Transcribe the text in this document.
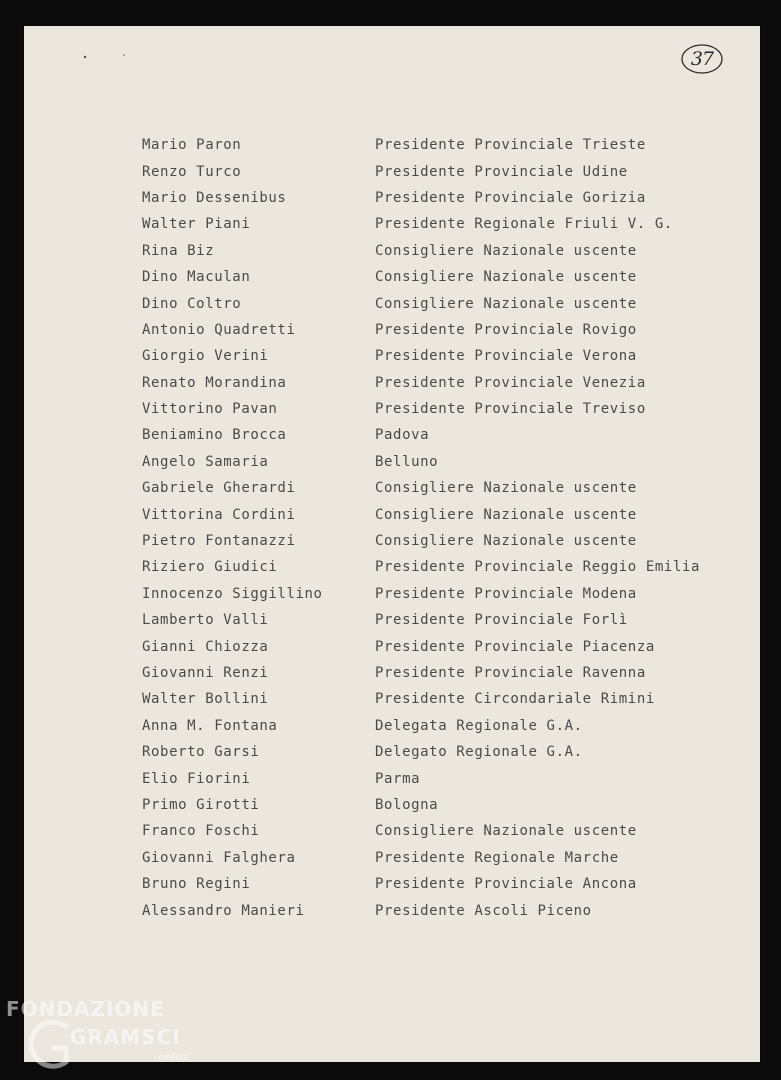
37
Mario Paron	Presidente Provinciale Trieste
Renzo Turco	Presidente Provinciale Udine
Mario Dessenibus	Presidente Provinciale Gorizia
Walter Piani	Presidente Regionale Friuli V. G.
Rina Biz	Consigliere Nazionale uscente
Dino Maculan	Consigliere Nazionale uscente
Dino Coltro	Consigliere Nazionale uscente
Antonio Quadretti	Presidente Provinciale Rovigo
Giorgio Verini	Presidente Provinciale Verona
Renato Morandina	Presidente Provinciale Venezia
Vittorino Pavan	Presidente Provinciale Treviso
Beniamino Brocca	Padova
Angelo Samaria	Belluno
Gabriele Gherardi	Consigliere Nazionale uscente
Vittorina Cordini	Consigliere Nazionale uscente
Pietro Fontanazzi	Consigliere Nazionale uscente
Riziero Giudici	Presidente Provinciale Reggio Emilia
Innocenzo Siggillino	Presidente Provinciale Modena
Lamberto Valli	Presidente Provinciale Forlì
Gianni Chiozza	Presidente Provinciale Piacenza
Giovanni Renzi	Presidente Provinciale Ravenna
Walter Bollini	Presidente Circondariale Rimini
Anna M. Fontana	Delegata Regionale G.A.
Roberto Garsi	Delegato Regionale G.A.
Elio Fiorini	Parma
Primo Girotti	Bologna
Franco Foschi	Consigliere Nazionale uscente
Giovanni Falghera	Presidente Regionale Marche
Bruno Regini	Presidente Provinciale Ancona
Alessandro Manieri	Presidente Ascoli Piceno
FONDAZIONE
GRAMSCI
onlus
